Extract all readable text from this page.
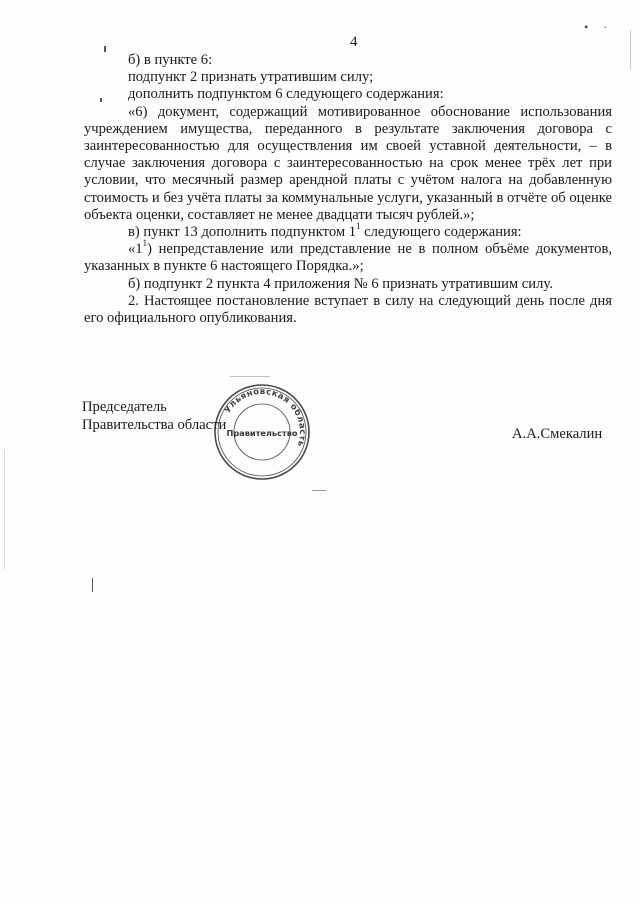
4
• ·

б) в пункте 6:

подпункт 2 признать утратившим силу;

дополнить подпунктом 6 следующего содержания:

«6) документ, содержащий мотивированное обоснование использования учреждением имущества, переданного в результате заключения договора с заинтересованностью для осуществления им своей уставной деятельности, – в случае заключения договора с заинтересованностью на срок менее трёх лет при условии, что месячный размер арендной платы с учётом налога на добавленную стоимость и без учёта платы за коммунальные услуги, указанный в отчёте об оценке объекта оценки, составляет не менее двадцати тысяч рублей.»;

в) пункт 13 дополнить подпунктом $1^1$ следующего содержания:

«$1^1$) непредставление или представление не в полном объёме документов, указанных в пункте 6 настоящего Порядка.»;

б) подпункт 2 пункта 4 приложения № 6 признать утратившим силу.

2. Настоящее постановление вступает в силу на следующий день после дня его официального опубликования.

Председатель
Правительства области
А.А.Смекалин
Ульяновская область
Правительство
